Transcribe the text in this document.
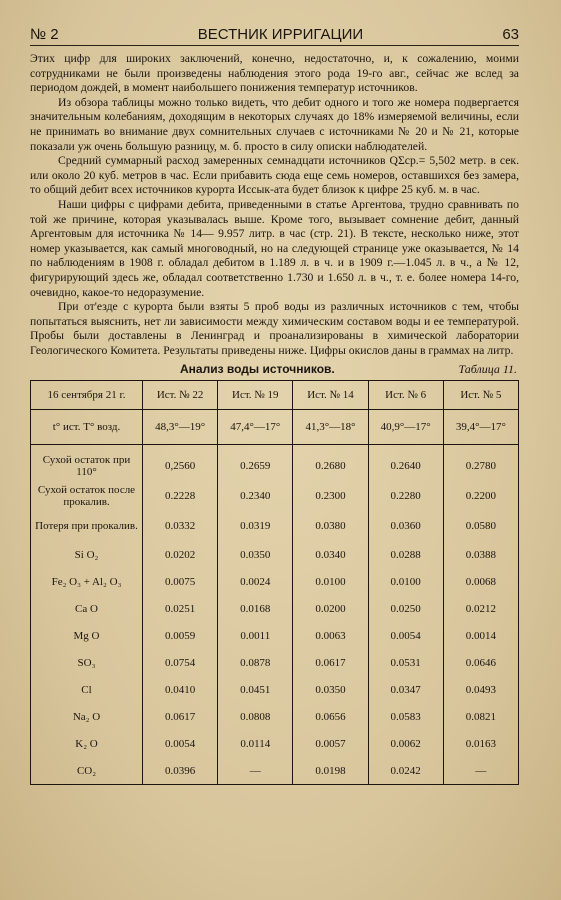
№ 2	ВЕСТНИК ИРРИГАЦИИ	63

Этих цифр для широких заключений, конечно, недостаточно, и, к сожалению, моими сотрудниками не были произведены наблюдения этого рода 19-го авг., сейчас же вслед за периодом дождей, в момент наибольшего понижения температур источников.

Из обзора таблицы можно только видеть, что дебит одного и того же номера подвергается значительным колебаниям, доходящим в некоторых случаях до 18% измеряемой величины, если не принимать во внимание двух сомнительных случаев с источниками № 20 и № 21, которые показали уж очень большую разницу, м. б. просто в силу описки наблюдателей.

Средний суммарный расход замеренных семнадцати источников QΣср.= 5,502 метр. в сек. или около 20 куб. метров в час. Если прибавить сюда еще семь номеров, оставшихся без замера, то общий дебит всех источников курорта Иссык-ата будет близок к цифре 25 куб. м. в час.

Наши цифры с цифрами дебита, приведенными в статье Аргентова, трудно сравнивать по той же причине, которая указывалась выше. Кроме того, вызывает сомнение дебит, данный Аргентовым для источника № 14— 9.957 литр. в час (стр. 21). В тексте, несколько ниже, этот номер указывается, как самый многоводный, но на следующей странице уже оказывается, № 14 по наблюдениям в 1908 г. обладал дебитом в 1.189 л. в ч. и в 1909 г.—1.045 л. в ч., а № 12, фигурирующий здесь же, обладал соответственно 1.730 и 1.650 л. в ч., т. е. более номера 14-го, очевидно, какое-то недоразумение.

При от'езде с курорта были взяты 5 проб воды из различных источников с тем, чтобы попытаться выяснить, нет ли зависимости между химическим составом воды и ее температурой. Пробы были доставлены в Ленинград и проанализированы в химической лаборатории Геологического Комитета. Результаты приведены ниже. Цифры окислов даны в граммах на литр.

Анализ воды источников.	Таблица 11.
16 сентября 21 г.	Ист. № 22	Ист. № 19	Ист. № 14	Ист. № 6	Ист. № 5
t° ист. T° возд.	48,3°—19°	47,4°—17°	41,3°—18°	40,9°—17°	39,4°—17°
Сухой остаток при 110°	0,2560	0.2659	0.2680	0.2640	0.2780
Сухой остаток после прокалив.	0.2228	0.2340	0.2300	0.2280	0.2200
Потеря при прокалив.	0.0332	0.0319	0.0380	0.0360	0.0580
Si O₂	0.0202	0.0350	0.0340	0.0288	0.0388
Fe₂ O₃ + Al₂ O₃	0.0075	0.0024	0.0100	0.0100	0.0068
Ca O	0.0251	0.0168	0.0200	0.0250	0.0212
Mg O	0.0059	0.0011	0.0063	0.0054	0.0014
SO₃	0.0754	0.0878	0.0617	0.0531	0.0646
Cl	0.0410	0.0451	0.0350	0.0347	0.0493
Na₂ O	0.0617	0.0808	0.0656	0.0583	0.0821
K₂ O	0.0054	0.0114	0.0057	0.0062	0.0163
CO₂	0.0396	—	0.0198	0.0242	—
